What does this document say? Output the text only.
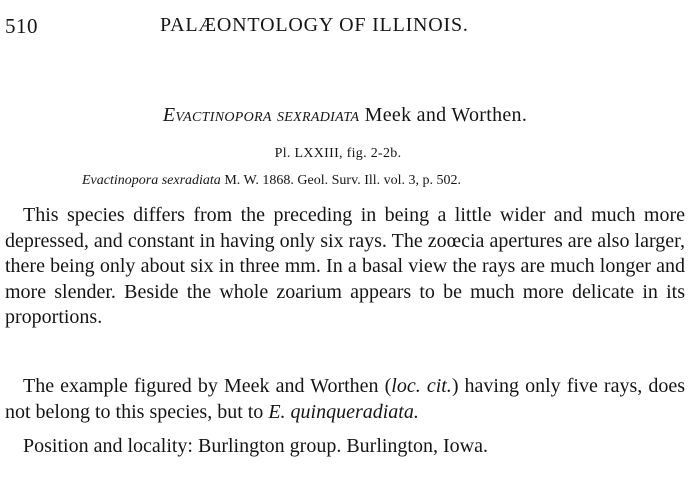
510	PALÆONTOLOGY OF ILLINOIS.
Evactinopora sexradiata Meek and Worthen.
Pl. LXXIII, fig. 2-2b.
Evactinopora sexradiata M. W. 1868. Geol. Surv. Ill. vol. 3, p. 502.

This species differs from the preceding in being a little wider and much more depressed, and constant in having only six rays. The zoœcia apertures are also larger, there being only about six in three mm. In a basal view the rays are much longer and more slender. Beside the whole zoarium appears to be much more delicate in its proportions.

The example figured by Meek and Worthen (loc. cit.) having only five rays, does not belong to this species, but to E. quinqueradiata.

Position and locality: Burlington group. Burlington, Iowa.
